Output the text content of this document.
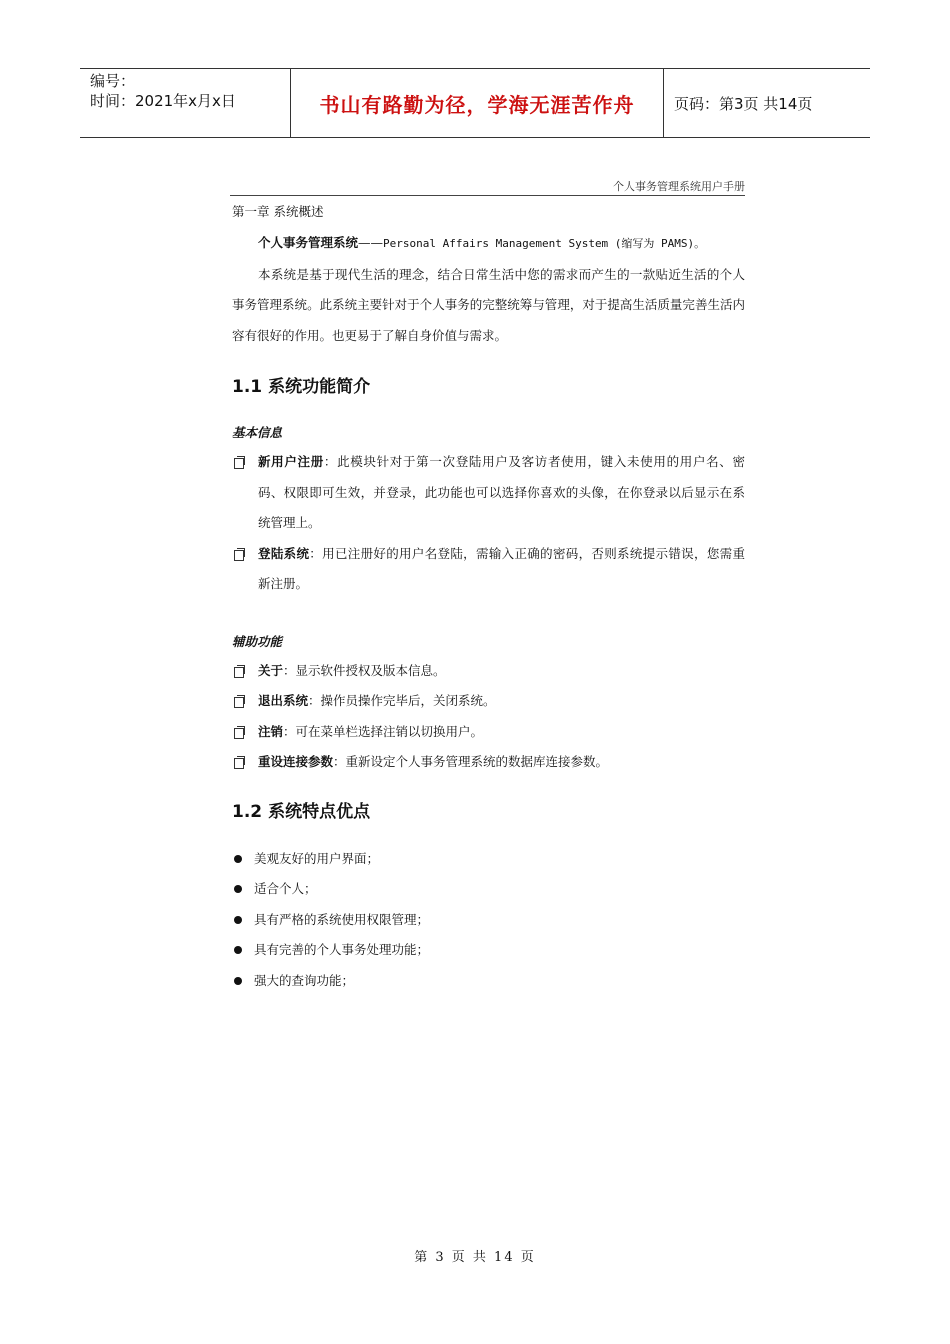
编号：
时间：2021年x月x日	书山有路勤为径，学海无涯苦作舟	页码：第3页 共14页
个人事务管理系统用户手册

第一章 系统概述

个人事务管理系统——Personal Affairs Management System (缩写为 PAMS)。

本系统是基于现代生活的理念，结合日常生活中您的需求而产生的一款贴近生活的个人事务管理系统。此系统主要针对于个人事务的完整统筹与管理，对于提高生活质量完善生活内容有很好的作用。也更易于了解自身价值与需求。

1.1 系统功能简介

基本信息

新用户注册：此模块针对于第一次登陆用户及客访者使用，键入未使用的用户名、密码、权限即可生效，并登录，此功能也可以选择你喜欢的头像，在你登录以后显示在系统管理上。
登陆系统：用已注册好的用户名登陆，需输入正确的密码，否则系统提示错误，您需重新注册。

辅助功能

关于：显示软件授权及版本信息。
退出系统：操作员操作完毕后，关闭系统。
注销：可在菜单栏选择注销以切换用户。
重设连接参数：重新设定个人事务管理系统的数据库连接参数。
1.2 系统特点优点
美观友好的用户界面；
适合个人；
具有严格的系统使用权限管理；
具有完善的个人事务处理功能；
强大的查询功能；
第 3 页 共 14 页
